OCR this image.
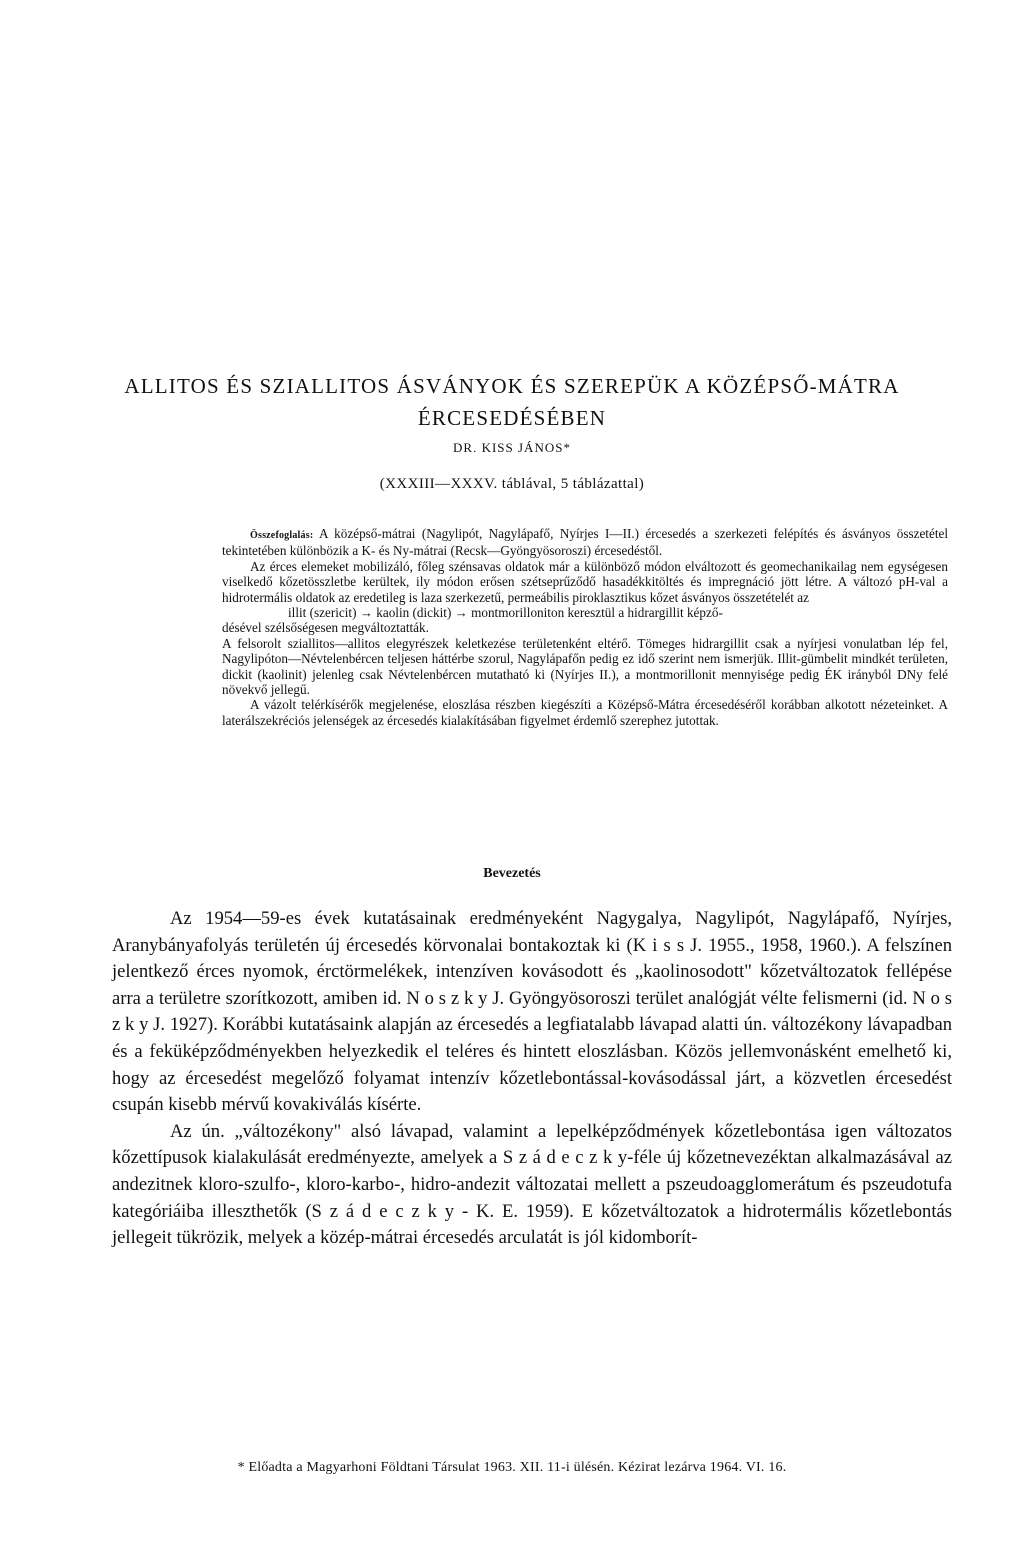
ALLITOS ÉS SZIALLITOS ÁSVÁNYOK ÉS SZEREPÜK A KÖZÉPSŐ-MÁTRA
ÉRCESEDÉSÉBEN
DR. KISS JÁNOS*
(XXXIII—XXXV. táblával, 5 táblázattal)

Összefoglalás: A középső-mátrai (Nagylipót, Nagylápafő, Nyírjes I—II.) ércesedés a szerkezeti felépítés és ásványos összetétel tekintetében különbözik a K- és Ny-mátrai (Recsk—Gyöngyösoroszi) ércesedéstől.

Az érces elemeket mobilizáló, főleg szénsavas oldatok már a különböző módon elváltozott és geomechanikailag nem egységesen viselkedő kőzetösszletbe kerültek, ily módon erősen szétseprűződő hasadékkitöltés és impregnáció jött létre. A változó pH-val a hidrotermális oldatok az eredetileg is laza szerkezetű, permeábilis piroklasztikus kőzet ásványos összetételét az

illit (szericit) → kaolin (dickit) → montmorilloniton keresztül a hidrargillit képző-

désével szélsőségesen megváltoztatták.

A felsorolt sziallitos—allitos elegyrészek keletkezése területenként eltérő. Tömeges hidrargillit csak a nyírjesi vonulatban lép fel, Nagylipóton—Névtelenbércen teljesen háttérbe szorul, Nagylápafőn pedig ez idő szerint nem ismerjük. Illit-gümbelit mindkét területen, dickit (kaolinit) jelenleg csak Névtelenbércen mutatható ki (Nyírjes II.), a montmorillonit mennyisége pedig ÉK irányból DNy felé növekvő jellegű.

A vázolt telérkísérők megjelenése, eloszlása részben kiegészíti a Középső-Mátra ércesedéséről korábban alkotott nézeteinket. A laterálszekréciós jelenségek az ércesedés kialakításában figyelmet érdemlő szerephez jutottak.

Bevezetés

Az 1954—59-es évek kutatásainak eredményeként Nagygalya, Nagylipót, Nagylápafő, Nyírjes, Aranybányafolyás területén új ércesedés körvonalai bontakoztak ki (K i s s J. 1955., 1958, 1960.). A felszínen jelentkező érces nyomok, érctörmelékek, intenzíven kovásodott és „kaolinosodott" kőzetváltozatok fellépése arra a területre szorítkozott, amiben id. N o s z k y J. Gyöngyösoroszi terület analógját vélte felismerni (id. N o s z k y J. 1927). Korábbi kutatásaink alapján az ércesedés a legfiatalabb lávapad alatti ún. változékony lávapadban és a feküképződményekben helyezkedik el teléres és hintett eloszlásban. Közös jellemvonásként emelhető ki, hogy az ércesedést megelőző folyamat intenzív kőzetlebontással-kovásodással járt, a közvetlen ércesedést csupán kisebb mérvű kovakiválás kísérte.

Az ún. „változékony" alsó lávapad, valamint a lepelképződmények kőzetlebontása igen változatos kőzettípusok kialakulását eredményezte, amelyek a S z á d e c z k y-féle új kőzetnevezéktan alkalmazásával az andezitnek kloro-szulfo-, kloro-karbo-, hidro-andezit változatai mellett a pszeudoagglomerátum és pszeudotufa kategóriáiba illeszthetők (S z á d e c z k y - K. E. 1959). E kőzetváltozatok a hidrotermális kőzetlebontás jellegeit tükrözik, melyek a közép-mátrai ércesedés arculatát is jól kidomborít-

* Előadta a Magyarhoni Földtani Társulat 1963. XII. 11-i ülésén. Kézirat lezárva 1964. VI. 16.
